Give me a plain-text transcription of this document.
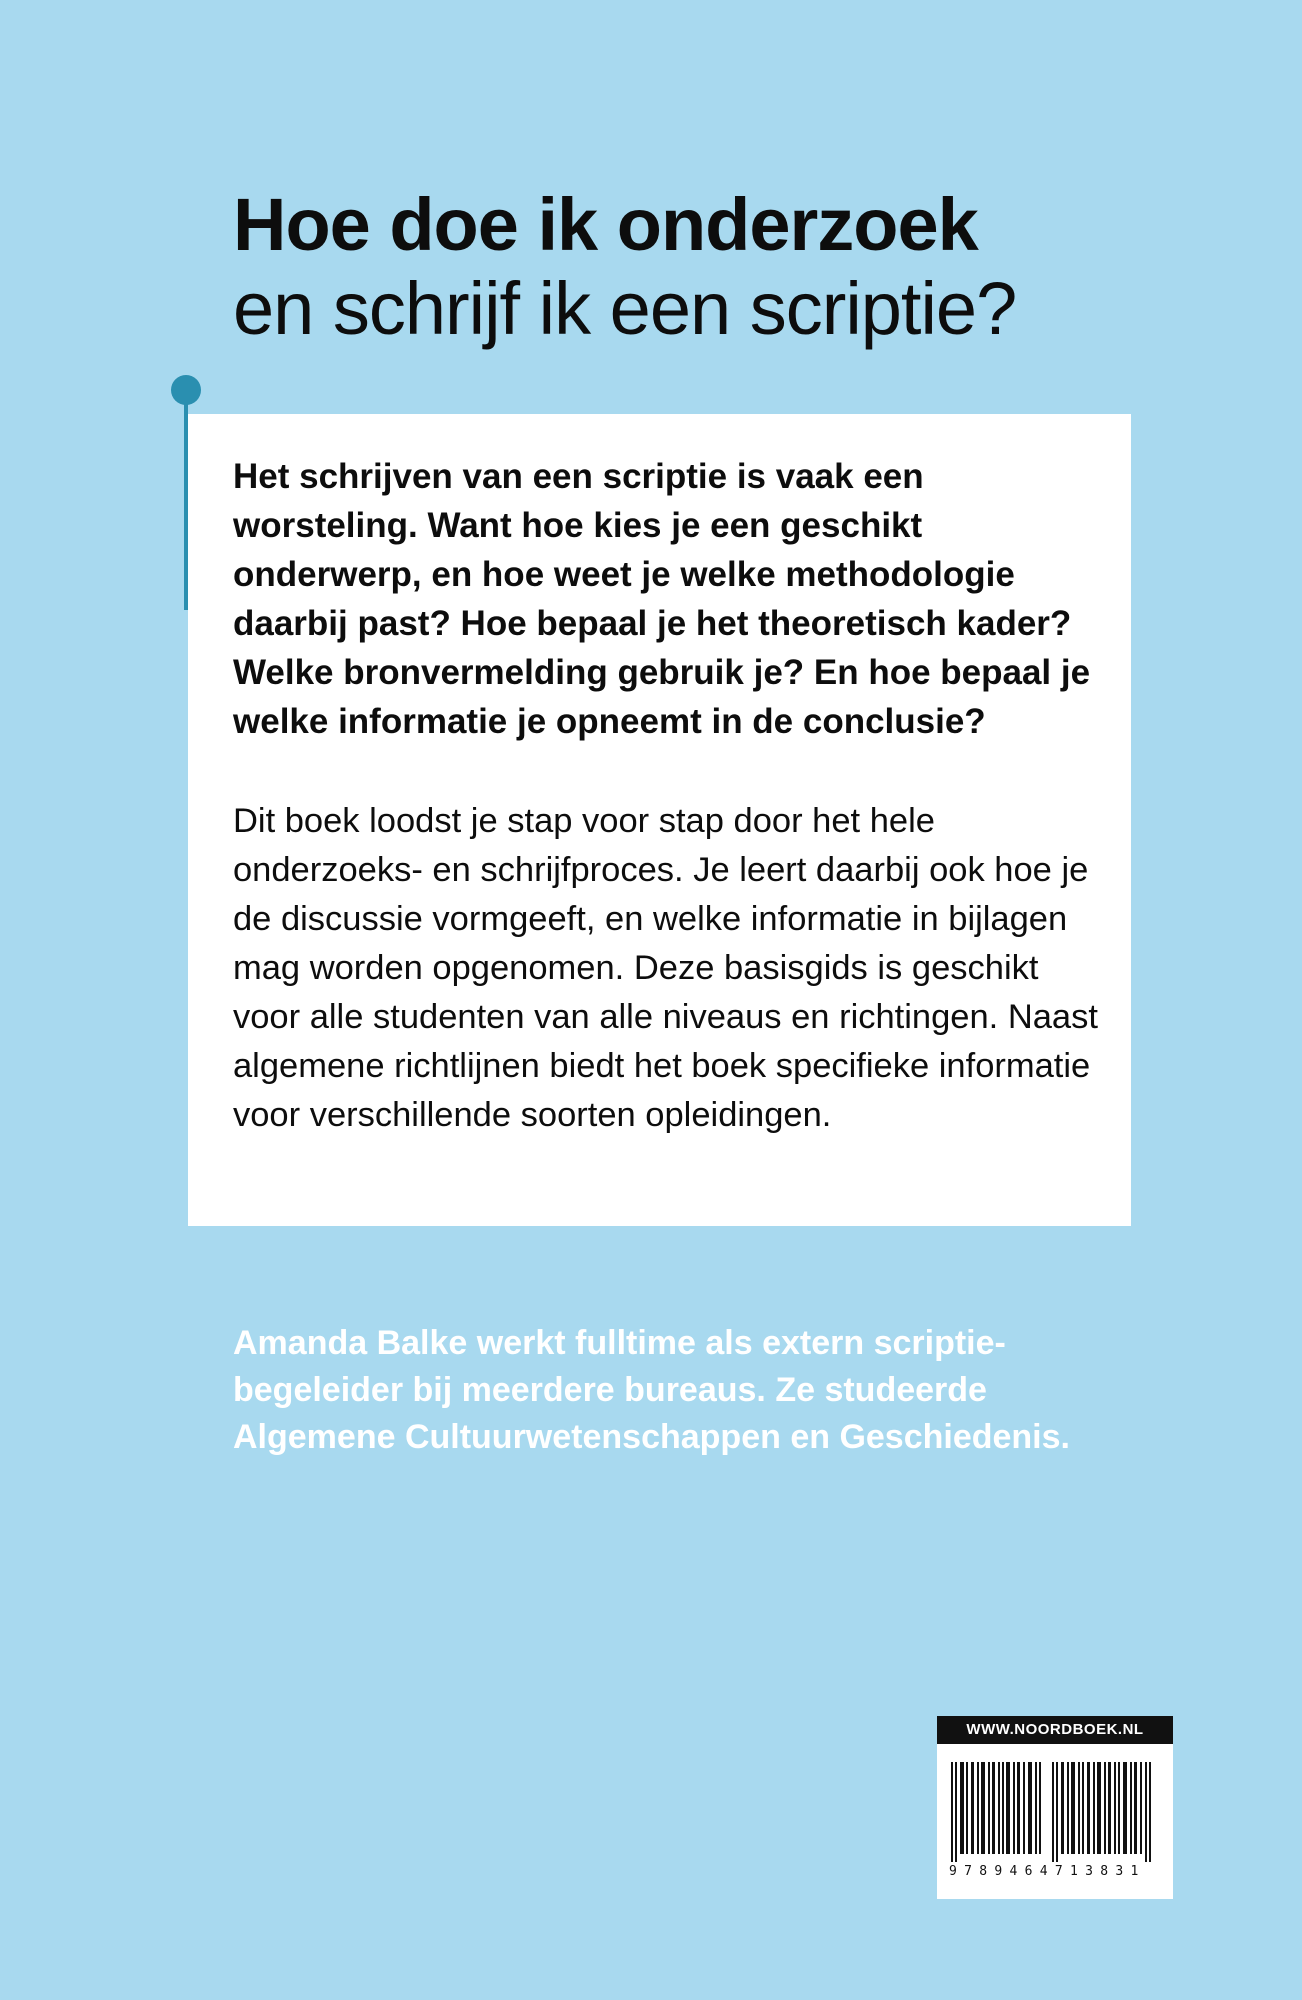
Hoe doe ik onderzoek
en schrijf ik een scriptie?

Het schrijven van een scriptie is vaak een worsteling. Want hoe kies je een geschikt onderwerp, en hoe weet je welke methodologie daarbij past? Hoe bepaal je het theoretisch kader? Welke bronvermelding gebruik je? En hoe bepaal je welke informatie je opneemt in de conclusie?

Dit boek loodst je stap voor stap door het hele onderzoeks- en schrijfproces. Je leert daarbij ook hoe je de discussie vormgeeft, en welke informatie in bijlagen mag worden opgenomen. Deze basisgids is geschikt voor alle studenten van alle niveaus en richtingen. Naast algemene richtlijnen biedt het boek specifieke informatie voor verschillende soorten opleidingen.

Amanda Balke werkt fulltime als extern scriptie-begeleider bij meerdere bureaus. Ze studeerde Algemene Cultuurwetenschappen en Geschiedenis.

WWW.NOORDBOEK.NL
9789464713831
